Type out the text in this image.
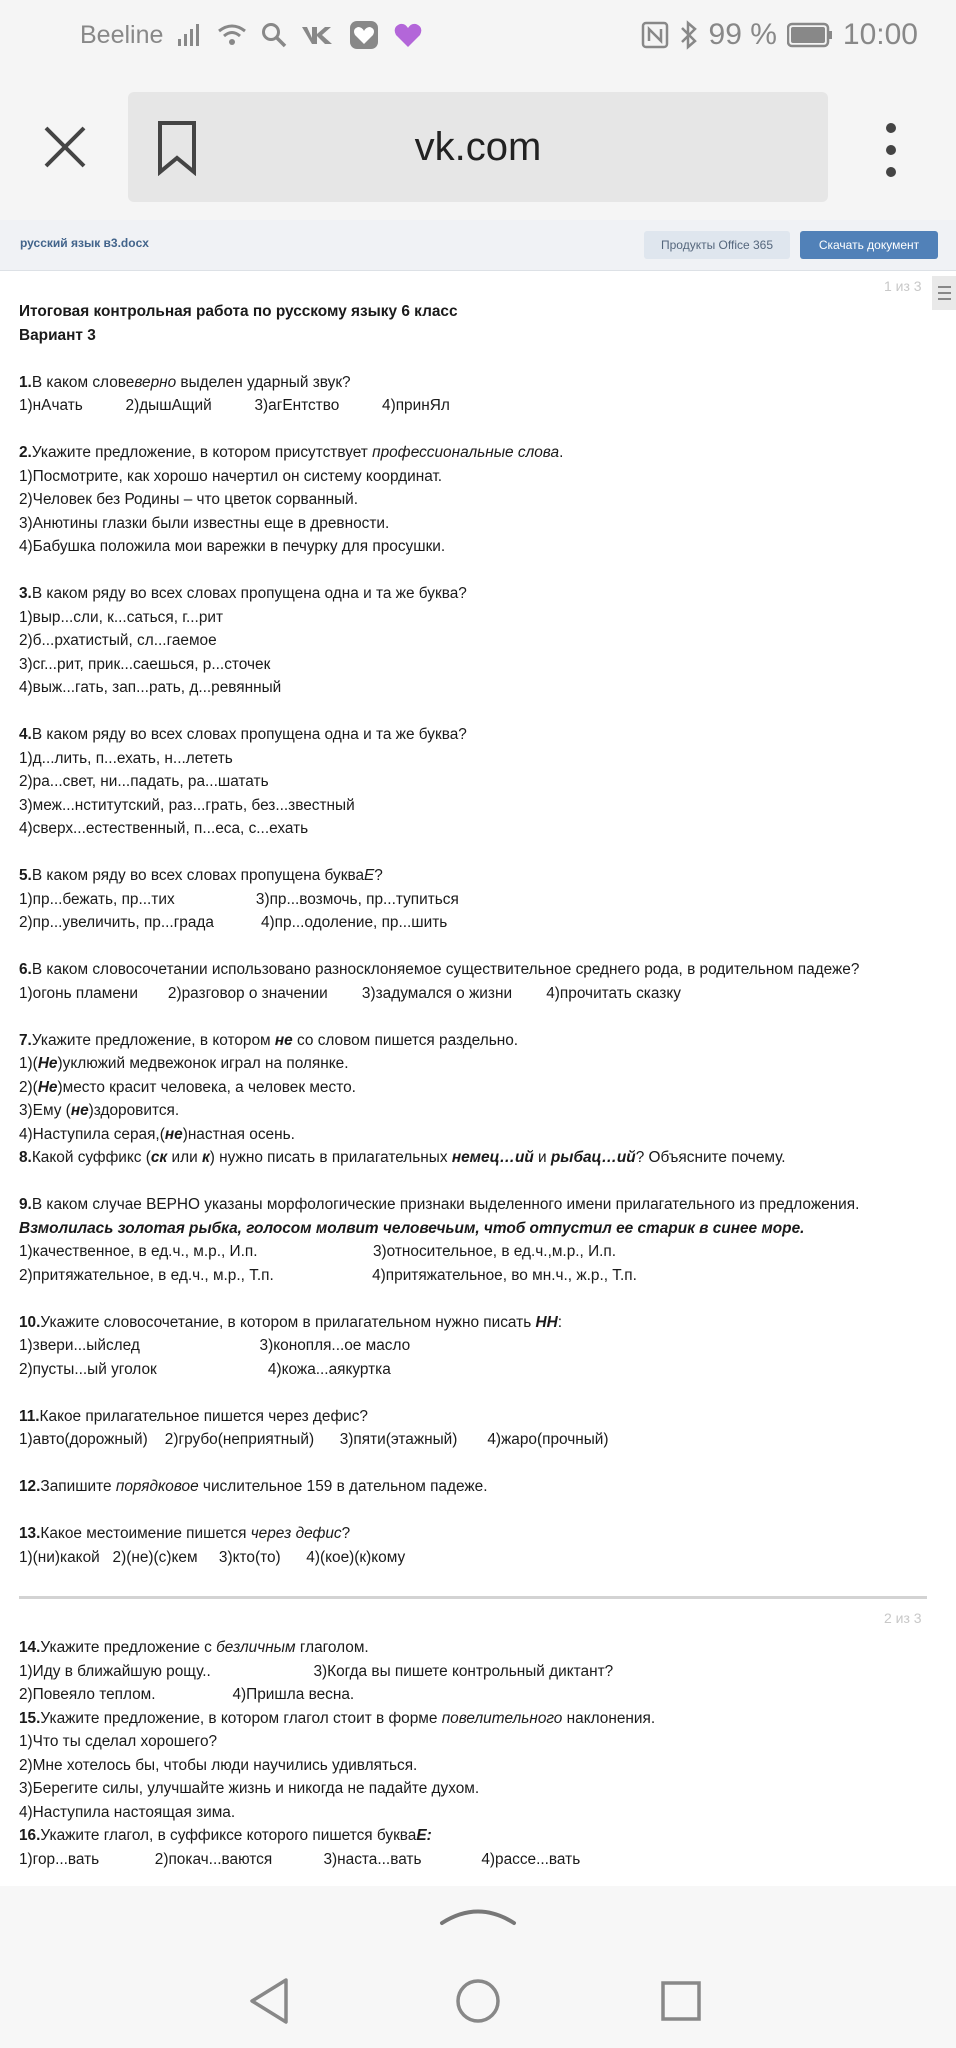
Beeline	99 % 10:00
vk.com
русский язык в3.docx	Продукты Office 365	Скачать документ
1 из 3
Итоговая контрольная работа по русскому языку 6 класс
Вариант 3
1.В каком словеверно выделен ударный звук?
1)нАчать          2)дышАщий          3)агЕнтство          4)принЯл
2.Укажите предложение, в котором присутствует профессиональные слова.
1)Посмотрите, как хорошо начертил он систему координат.
2)Человек без Родины – что цветок сорванный.
3)Анютины глазки были известны еще в древности.
4)Бабушка положила мои варежки в печурку для просушки.
3.В каком ряду во всех словах пропущена одна и та же буква?
1)выр...сли, к...саться, г...рит
2)б...рхатистый, сл...гаемое
3)сг...рит, прик...саешься, р...сточек
4)выж...гать, зап...рать, д...ревянный
4.В каком ряду во всех словах пропущена одна и та же буква?
1)д...лить, п...ехать, н...лететь
2)ра...свет, ни...падать, ра...шатать
3)меж...нститутский, раз...грать, без...звестный
4)сверх...естественный, п...еса, с...ехать
5.В каком ряду во всех словах пропущена букваЕ?
1)пр...бежать, пр...тих                   3)пр...возмочь, пр...тупиться
2)пр...увеличить, пр...града           4)пр...одоление, пр...шить
6.В каком словосочетании использовано разносклоняемое существительное среднего рода, в родительном падеже?
1)огонь пламени       2)разговор о значении        3)задумался о жизни        4)прочитать сказку
7.Укажите предложение, в котором не со словом пишется раздельно.
1)(Не)уклюжий медвежонок играл на полянке.
2)(Не)место красит человека, а человек место.
3)Ему (не)здоровится.
4)Наступила серая,(не)настная осень.
8.Какой суффикс (ск или к) нужно писать в прилагательных немец…ий и рыбац…ий? Объясните почему.
9.В каком случае ВЕРНО указаны морфологические признаки выделенного имени прилагательного из предложения.
Взмолилась золотая рыбка, голосом молвит человечьим, чтоб отпустил ее старик в синее море.
1)качественное, в ед.ч., м.р., И.п.                           3)относительное, в ед.ч.,м.р., И.п.
2)притяжательное, в ед.ч., м.р., Т.п.                       4)притяжательное, во мн.ч., ж.р., Т.п.
10.Укажите словосочетание, в котором в прилагательном нужно писать НН:
1)звери...ыйслед                            3)конопля...ое масло
2)пусты...ый уголок                          4)кожа...аякуртка
11.Какое прилагательное пишется через дефис?
1)авто(дорожный)    2)грубо(неприятный)      3)пяти(этажный)       4)жаро(прочный)
12.Запишите порядковое числительное 159 в дательном падеже.
13.Какое местоимение пишется через дефис?
1)(ни)какой   2)(не)(с)кем     3)кто(то)      4)(кое)(к)кому
2 из 3
14.Укажите предложение с безличным глаголом.
1)Иду в ближайшую рощу..                        3)Когда вы пишете контрольный диктант?
2)Повеяло теплом.                  4)Пришла весна.
15.Укажите предложение, в котором глагол стоит в форме повелительного наклонения.
1)Что ты сделал хорошего?
2)Мне хотелось бы, чтобы люди научились удивляться.
3)Берегите силы, улучшайте жизнь и никогда не падайте духом.
4)Наступила настоящая зима.
16.Укажите глагол, в суффиксе которого пишется букваЕ:
1)гор...вать             2)покач...ваются            3)наста...вать              4)рассе...вать
